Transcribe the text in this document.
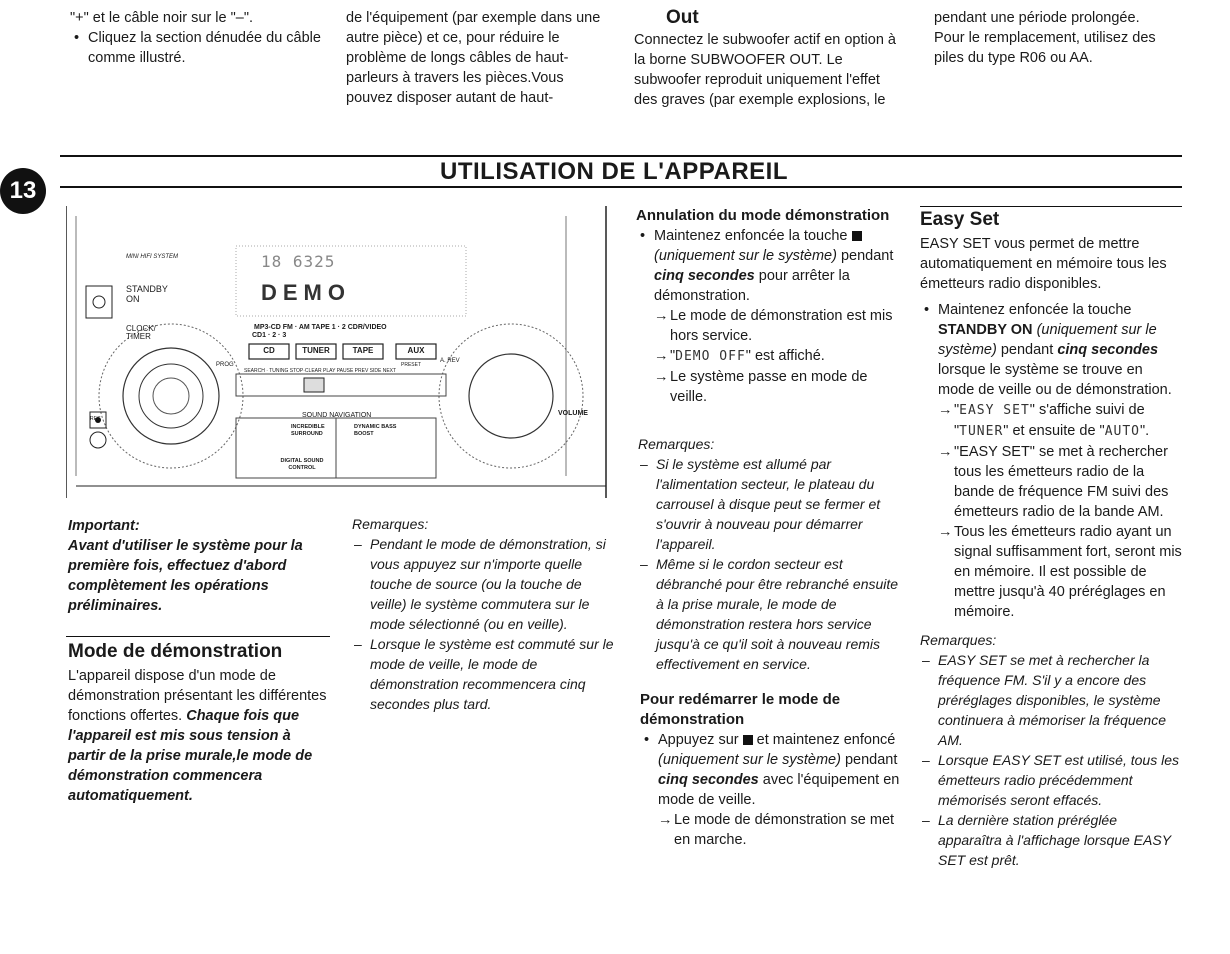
"+" et le câble noir sur le "–".

• Cliquez la section dénudée du câble comme illustré.

de l'équipement (par exemple dans une autre pièce) et ce, pour réduire le problème de longs câbles de haut-parleurs à travers les pièces.Vous pouvez disposer autant de haut-

Out

Connectez le subwoofer actif en option à la borne SUBWOOFER OUT. Le subwoofer reproduit uniquement l'effet des graves (par exemple explosions, le

pendant une période prolongée. Pour le remplacement, utilisez des piles du type R06 ou AA.

13
UTILISATION DE L'APPAREIL
MINI HIFI SYSTEM
STANDBY
ON
CLOCK/
TIMER
18 6325
DEMO
CD1 · 2 · 3
MP3-CD FM · AM TAPE 1 · 2 CDR/VIDEO
CD	TUNER	TAPE	AUX
PROG
A. REV
PRESET
SEARCH · TUNING STOP·CLEAR PLAY PAUSE PREV SIDE NEXT
SOUND NAVIGATION
INCREDIBLE SURROUND
DYNAMIC BASS BOOST
DIGITAL SOUND CONTROL
VOLUME
REC

Important:

Avant d'utiliser le système pour la première fois, effectuez d'abord complètement les opérations préliminaires.

Mode de démonstration

L'appareil dispose d'un mode de démonstration présentant les différentes fonctions offertes. Chaque fois que l'appareil est mis sous tension à partir de la prise murale,le mode de démonstration commencera automatiquement.

Remarques:

– Pendant le mode de démonstration, si vous appuyez sur n'importe quelle touche de source (ou la touche de veille) le système commutera sur le mode sélectionné (ou en veille).

– Lorsque le système est commuté sur le mode de veille, le mode de démonstration recommencera cinq secondes plus tard.

Annulation du mode démonstration

• Maintenez enfoncée la touche  (uniquement sur le système) pendant cinq secondes pour arrêter la démonstration.

→ Le mode de démonstration est mis hors service.

→ "DEMO OFF" est affiché.

→ Le système passe en mode de veille.

Remarques:

– Si le système est allumé par l'alimentation secteur, le plateau du carrousel à disque peut se fermer et s'ouvrir à nouveau pour démarrer l'appareil.

– Même si le cordon secteur est débranché pour être rebranché ensuite à la prise murale, le mode de démonstration restera hors service jusqu'à ce qu'il soit à nouveau remis effectivement en service.

Pour redémarrer le mode de démonstration

• Appuyez sur et maintenez enfoncé (uniquement sur le système) pendant cinq secondes avec l'équipement en mode de veille.

→ Le mode de démonstration se met en marche.

Easy Set

EASY SET vous permet de mettre automatiquement en mémoire tous les émetteurs radio disponibles.

• Maintenez enfoncée la touche STANDBY ON (uniquement sur le système) pendant cinq secondes lorsque le système se trouve en mode de veille ou de démonstration.

→ "EASY SET" s'affiche suivi de "TUNER" et ensuite de "AUTO".

→ "EASY SET" se met à rechercher tous les émetteurs radio de la bande de fréquence FM suivi des émetteurs radio de la bande AM.

→ Tous les émetteurs radio ayant un signal suffisamment fort, seront mis en mémoire. Il est possible de mettre jusqu'à 40 préréglages en mémoire.

Remarques:

– EASY SET se met à rechercher la fréquence FM. S'il y a encore des préréglages disponibles, le système continuera à mémoriser la fréquence AM.

– Lorsque EASY SET est utilisé, tous les émetteurs radio précédemment mémorisés seront effacés.

– La dernière station préréglée apparaîtra à l'affichage lorsque EASY SET est prêt.
